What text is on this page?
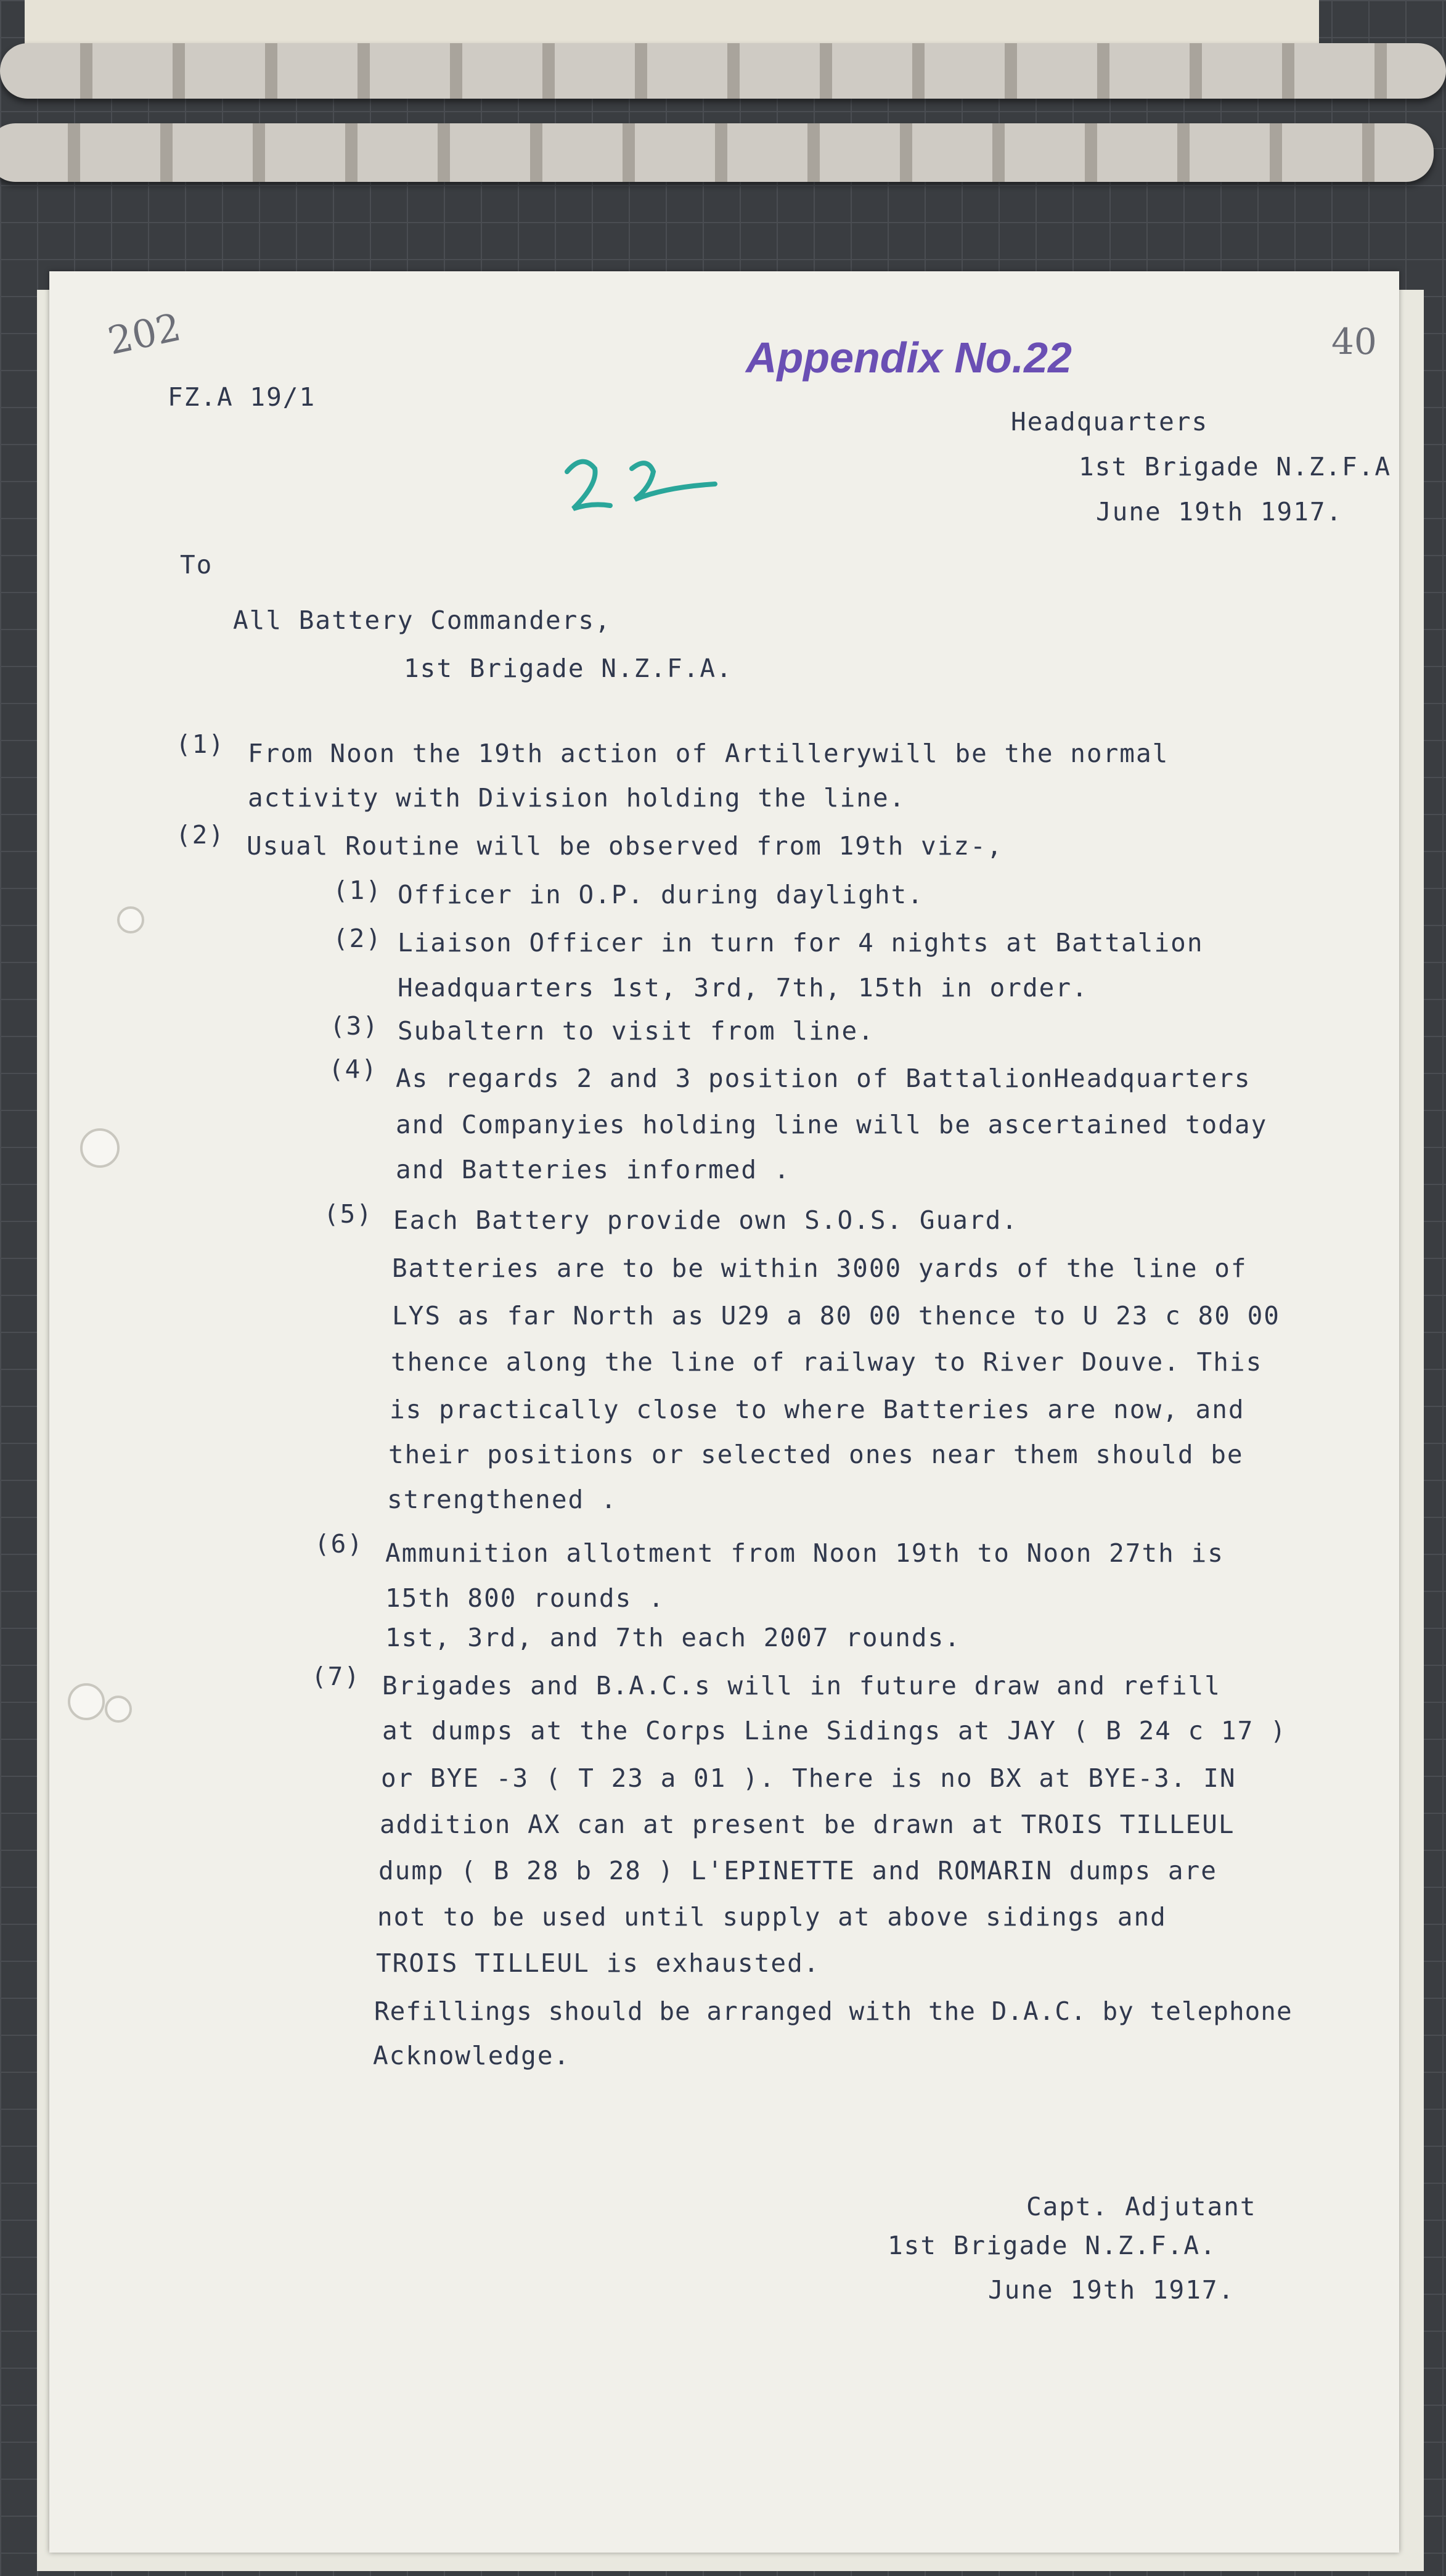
202	40
Appendix No.22
FZ.A 19/1
Headquarters
1st Brigade N.Z.F.A
June 19th 1917.
To
All Battery Commanders,
1st Brigade N.Z.F.A.
(1) From Noon the 19th action of Artillerywill be the normal
activity with Division holding the line.
(2) Usual Routine will be observed from 19th viz-,
(1) Officer in O.P. during daylight.
(2) Liaison Officer in turn for 4 nights at Battalion
Headquarters 1st, 3rd, 7th, 15th in order.
(3) Subaltern to visit from line.
(4) As regards 2 and 3 position of BattalionHeadquarters
and Companyies holding line will be ascertained today
and Batteries informed .
(5) Each Battery provide own S.O.S. Guard.
Batteries are to be within 3000 yards of the line of
LYS as far North as U29 a 80 00 thence to U 23 c 80 00
thence along the line of railway to River Douve. This
is practically close to where Batteries are now, and
their positions or selected ones near them should be
strengthened .
(6) Ammunition allotment from Noon 19th to Noon 27th is
15th 800 rounds .
1st, 3rd, and 7th each 2007 rounds.
(7) Brigades and B.A.C.s will in future draw and refill
at dumps at the Corps Line Sidings at JAY ( B 24 c 17 )
or BYE -3 ( T 23 a 01 ). There is no BX at BYE-3. IN
addition AX can at present be drawn at TROIS TILLEUL
dump ( B 28 b 28 ) L'EPINETTE and ROMARIN dumps are
not to be used until supply at above sidings and
TROIS TILLEUL is exhausted.
Refillings should be arranged with the D.A.C. by telephone
Acknowledge.
Capt. Adjutant
1st Brigade N.Z.F.A.
June 19th 1917.
